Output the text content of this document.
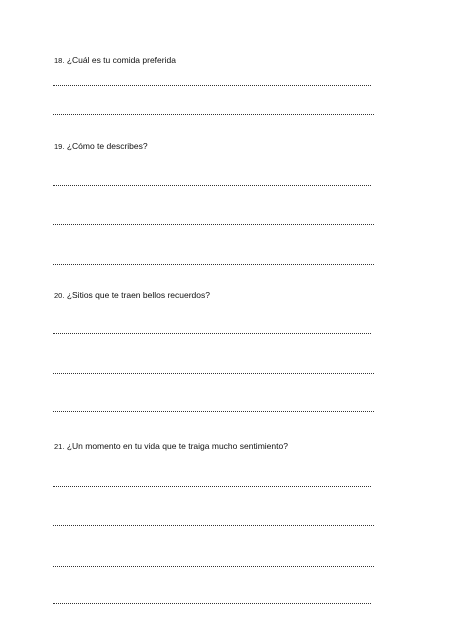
18. ¿Cuál es tu comida preferida
19. ¿Cómo te describes?
20. ¿Sitios que te traen bellos recuerdos?
21. ¿Un momento en tu vida que te traiga mucho sentimiento?
